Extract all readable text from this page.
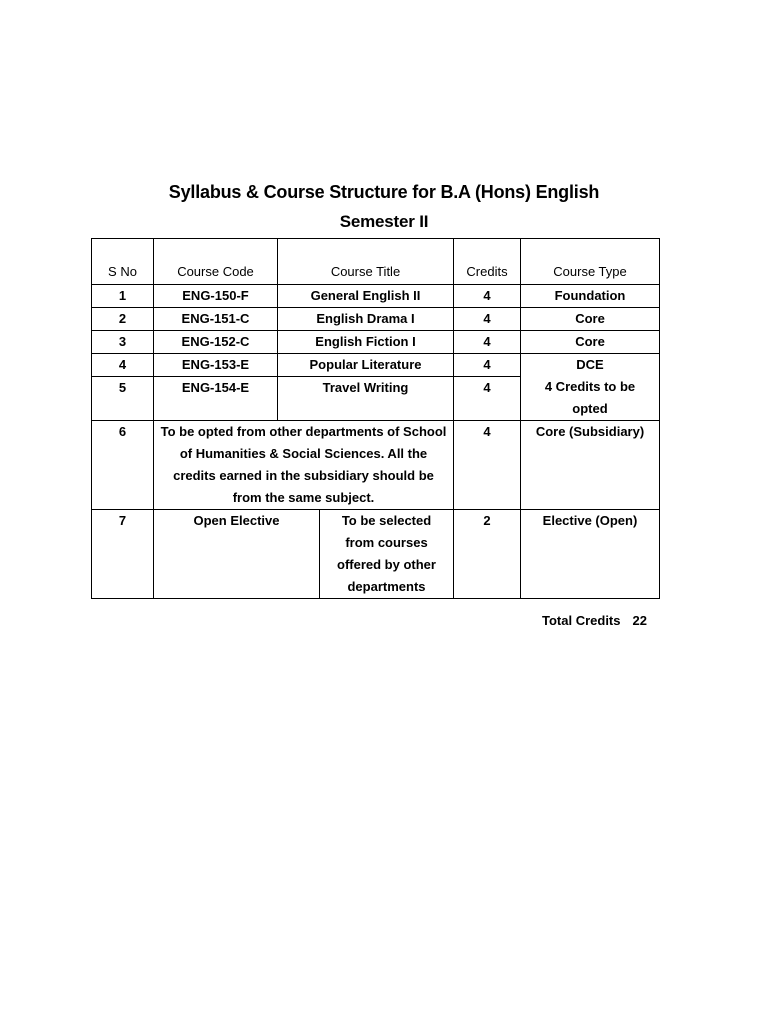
Syllabus & Course Structure for B.A (Hons) English
Semester II
S No	Course Code	Course Title		Credits	Course Type
1	ENG-150-F	General English II		4	Foundation
2	ENG-151-C	English Drama I		4	Core
3	ENG-152-C	English Fiction I		4	Core
4	ENG-153-E	Popular Literature		4	DCE
4 Credits to be opted
5	ENG-154-E	Travel Writing		4	
6	To be opted from other departments of School of Humanities & Social Sciences. All the credits earned in the subsidiary should be from the same subject.			4	Core (Subsidiary)
7	Open Elective		To be selected from courses offered by other departments	2	Elective (Open)
Total Credits 22
